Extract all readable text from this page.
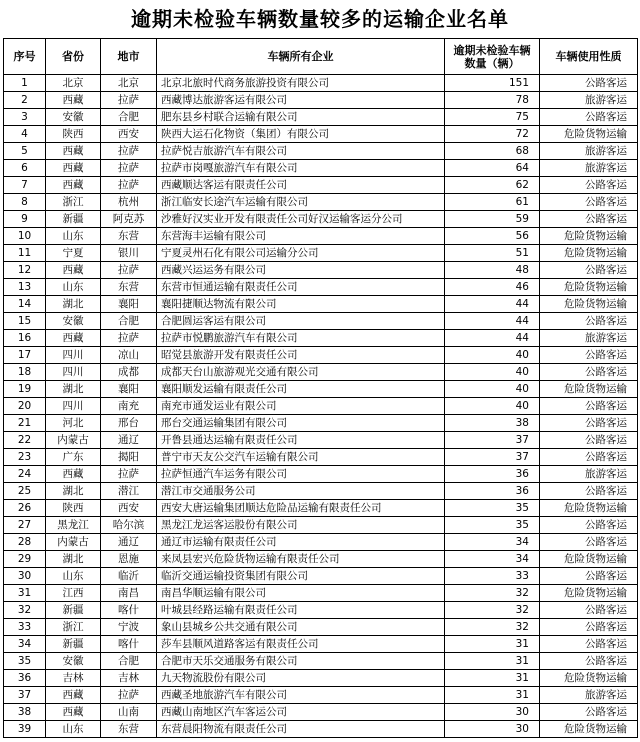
逾期未检验车辆数量较多的运输企业名单
序号	省份	地市	车辆所有企业	逾期未检验车辆
数量（辆）	车辆使用性质
1	北京	北京	北京北旅时代商务旅游投资有限公司	151	公路客运
2	西藏	拉萨	西藏博达旅游客运有限公司	78	旅游客运
3	安徽	合肥	肥东县乡村联合运输有限公司	75	公路客运
4	陕西	西安	陕西大运石化物资（集团）有限公司	72	危险货物运输
5	西藏	拉萨	拉萨悦吉旅游汽车有限公司	68	旅游客运
6	西藏	拉萨	拉萨市岗嘎旅游汽车有限公司	64	旅游客运
7	西藏	拉萨	西藏顺达客运有限责任公司	62	公路客运
8	浙江	杭州	浙江临安长途汽车运输有限公司	61	公路客运
9	新疆	阿克苏	沙雅好汉实业开发有限责任公司好汉运输客运分公司	59	公路客运
10	山东	东营	东营海丰运输有限公司	56	危险货物运输
11	宁夏	银川	宁夏灵州石化有限公司运输分公司	51	危险货物运输
12	西藏	拉萨	西藏兴运运务有限公司	48	公路客运
13	山东	东营	东营市恒通运输有限责任公司	46	危险货物运输
14	湖北	襄阳	襄阳捷顺达物流有限公司	44	危险货物运输
15	安徽	合肥	合肥圆运客运有限公司	44	公路客运
16	西藏	拉萨	拉萨市悦鹏旅游汽车有限公司	44	旅游客运
17	四川	凉山	昭觉县旅游开发有限责任公司	40	公路客运
18	四川	成都	成都天台山旅游观光交通有限公司	40	公路客运
19	湖北	襄阳	襄阳顺发运输有限责任公司	40	危险货物运输
20	四川	南充	南充市通发运业有限公司	40	公路客运
21	河北	邢台	邢台交通运输集团有限公司	38	公路客运
22	内蒙古	通辽	开鲁县通达运输有限责任公司	37	公路客运
23	广东	揭阳	普宁市天友公交汽车运输有限公司	37	公路客运
24	西藏	拉萨	拉萨恒通汽车运务有限公司	36	旅游客运
25	湖北	潜江	潜江市交通服务公司	36	公路客运
26	陕西	西安	西安大唐运输集团顺达危险品运输有限责任公司	35	危险货物运输
27	黑龙江	哈尔滨	黑龙江龙运客运股份有限公司	35	公路客运
28	内蒙古	通辽	通辽市运输有限责任公司	34	公路客运
29	湖北	恩施	来凤县宏兴危险货物运输有限责任公司	34	危险货物运输
30	山东	临沂	临沂交通运输投资集团有限公司	33	公路客运
31	江西	南昌	南昌华顺运输有限公司	32	危险货物运输
32	新疆	喀什	叶城县经路运输有限责任公司	32	公路客运
33	浙江	宁波	象山县城乡公共交通有限公司	32	公路客运
34	新疆	喀什	莎车县顺风道路客运有限责任公司	31	公路客运
35	安徽	合肥	合肥市天乐交通服务有限公司	31	公路客运
36	吉林	吉林	九天物流股份有限公司	31	危险货物运输
37	西藏	拉萨	西藏圣地旅游汽车有限公司	31	旅游客运
38	西藏	山南	西藏山南地区汽车客运公司	30	公路客运
39	山东	东营	东营晨阳物流有限责任公司	30	危险货物运输
